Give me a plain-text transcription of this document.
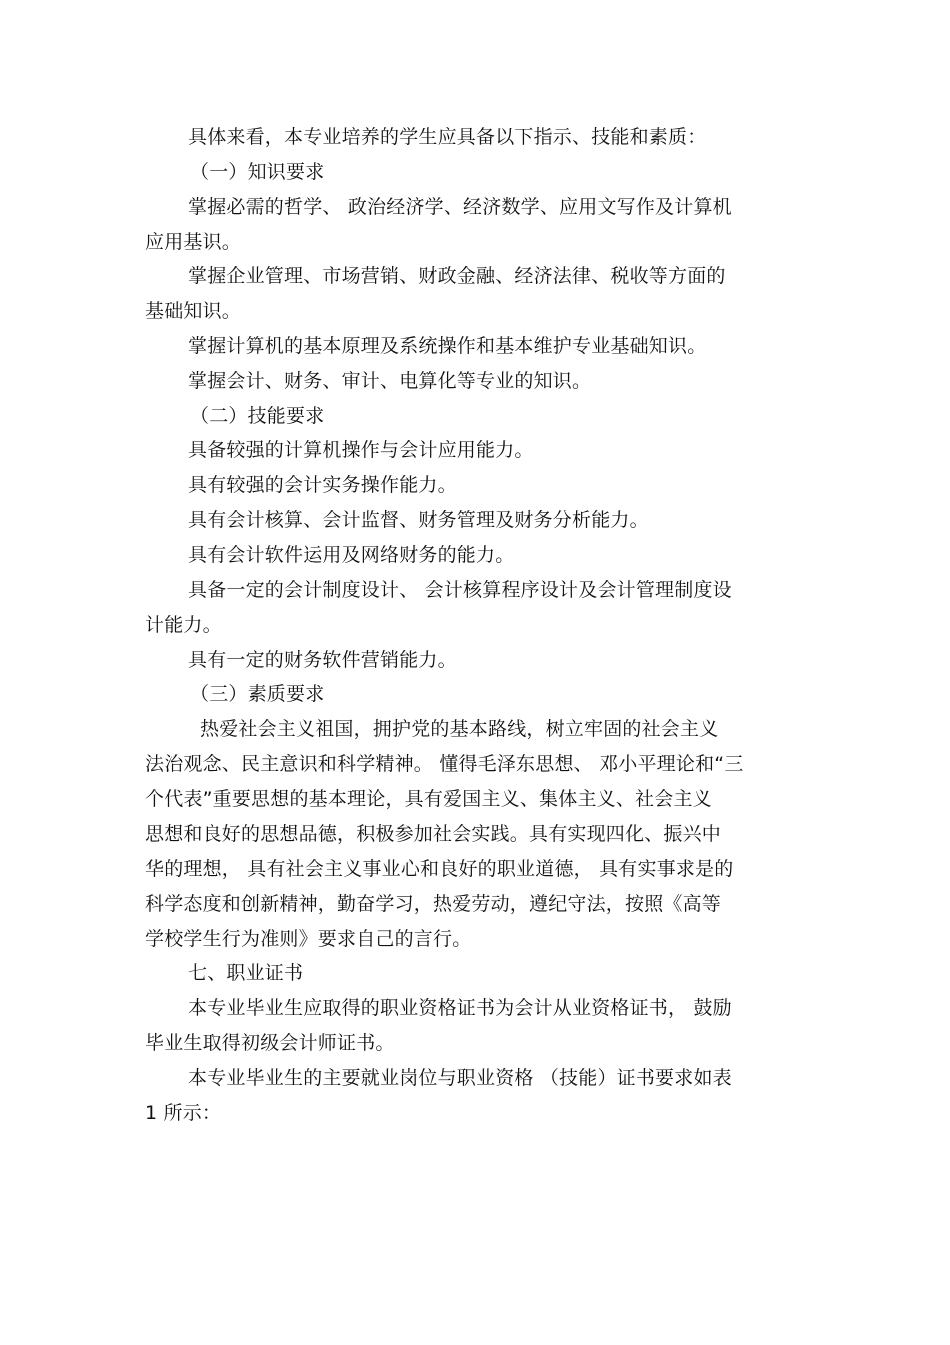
具体来看，本专业培养的学生应具备以下指示、技能和素质：
（一）知识要求
掌握必需的哲学、 政治经济学、经济数学、应用文写作及计算机
应用基识。
掌握企业管理、市场营销、财政金融、经济法律、税收等方面的
基础知识。
掌握计算机的基本原理及系统操作和基本维护专业基础知识。
掌握会计、财务、审计、电算化等专业的知识。
（二）技能要求
具备较强的计算机操作与会计应用能力。
具有较强的会计实务操作能力。
具有会计核算、会计监督、财务管理及财务分析能力。
具有会计软件运用及网络财务的能力。
具备一定的会计制度设计、 会计核算程序设计及会计管理制度设
计能力。
具有一定的财务软件营销能力。
（三）素质要求
热爱社会主义祖国，拥护党的基本路线，树立牢固的社会主义
法治观念、民主意识和科学精神。 懂得毛泽东思想、 邓小平理论和“三
个代表”重要思想的基本理论，具有爱国主义、集体主义、社会主义
思想和良好的思想品德，积极参加社会实践。具有实现四化、振兴中
华的理想， 具有社会主义事业心和良好的职业道德， 具有实事求是的
科学态度和创新精神，勤奋学习，热爱劳动，遵纪守法，按照《高等
学校学生行为准则》要求自己的言行。
七、职业证书
本专业毕业生应取得的职业资格证书为会计从业资格证书， 鼓励
毕业生取得初级会计师证书。
本专业毕业生的主要就业岗位与职业资格 （技能）证书要求如表
1 所示：
